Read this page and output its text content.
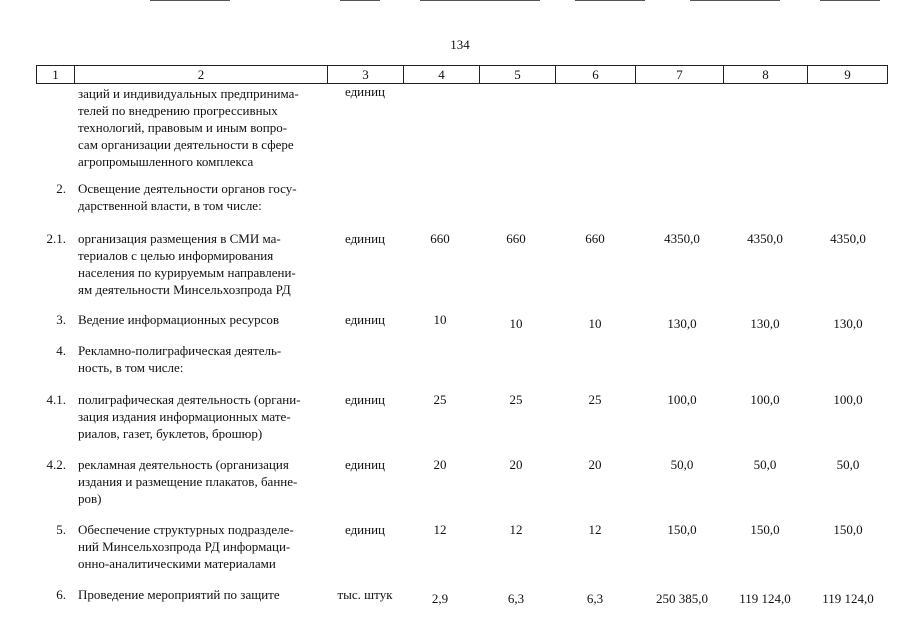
134
1	2	3	4	5	6	7	8	9
заций и индивидуальных предпринима-
телей по внедрению прогрессивных
технологий, правовым и иным вопро-
сам организации деятельности в сфере
агропромышленного комплекса
единиц
2. Освещение деятельности органов госу-
дарственной власти, в том числе:
2.1. организация размещения в СМИ ма-
териалов с целью информирования
населения по курируемым направлени-
ям деятельности Минсельхозпрода РД
единиц	660	660	660	4350,0	4350,0	4350,0
3. Ведение информационных ресурсов	единиц	10	10	10	130,0	130,0	130,0
4. Рекламно-полиграфическая деятель-
ность, в том числе:
4.1. полиграфическая деятельность (органи-
зация издания информационных мате-
риалов, газет, буклетов, брошюр)
единиц	25	25	25	100,0	100,0	100,0
4.2. рекламная деятельность (организация
издания и размещение плакатов, банне-
ров)
единиц	20	20	20	50,0	50,0	50,0
5. Обеспечение структурных подразделе-
ний Минсельхозпрода РД информаци-
онно-аналитическими материалами
единиц	12	12	12	150,0	150,0	150,0
6. Проведение мероприятий по защите	тыс. штук	2,9	6,3	6,3	250 385,0	119 124,0	119 124,0
